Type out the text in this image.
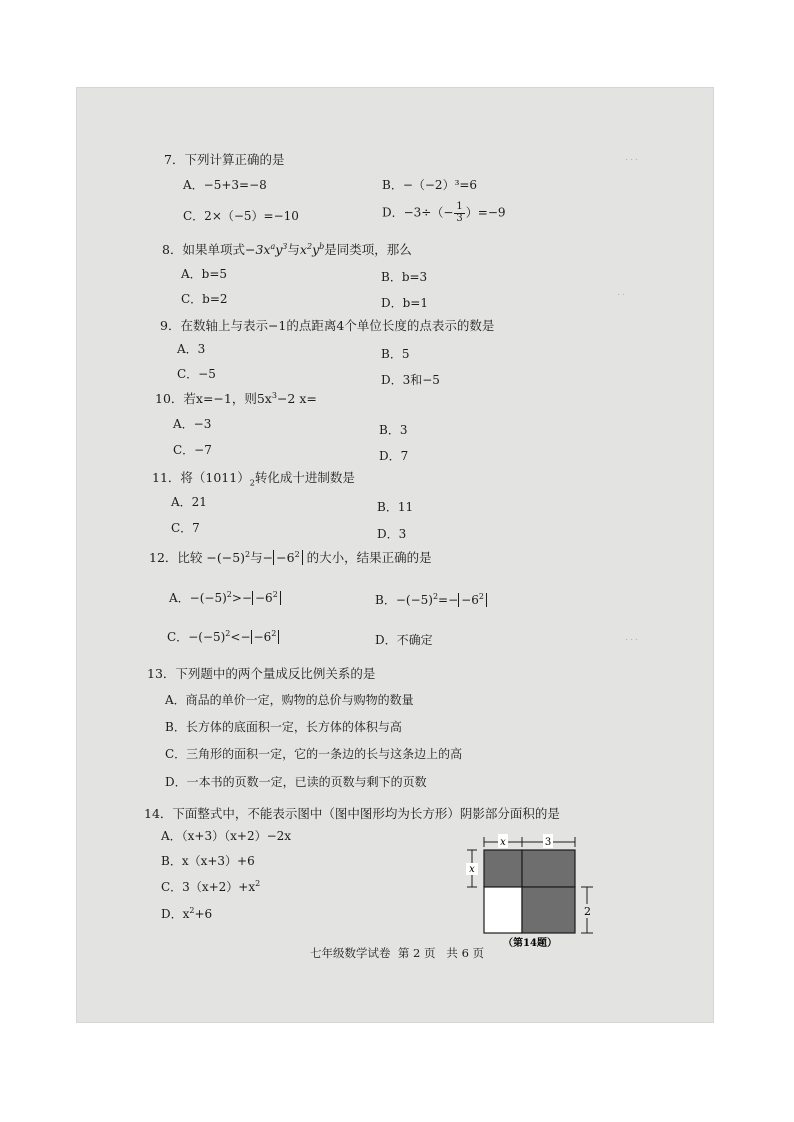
．．．
．．
．．．
7．下列计算正确的是
A．−5+3=−8	B．−（−2）³=6
C．2×（−5）=−10	D．$-3\div(- \frac{1}{3} )=-9$
8．如果单项式$-3x^ay^3$与$x^2y^b$是同类项，那么
A．b=5	B．b=3
C．b=2	D．b=1
9．在数轴上与表示−1的点距离4个单位长度的点表示的数是
A．3	B．5
C．−5	D．3和−5
10．若x=−1，则$5x^3-2$ x=
A．−3	B．3
C．−7	D．7
11．将$(1011)_2$转化成十进制数是
A．21	B．11
C．7	D．3
12．比较 $-(-5)^2$与− $-6^2$ 的大小，结果正确的是
A．$-(-5)^2>- -6^2$	B．$-(-5)^2=- -6^2$
C．$-(-5)^2<- -6^2$	D．不确定
13．下列题中的两个量成反比例关系的是
A．商品的单价一定，购物的总价与购物的数量
B．长方体的底面积一定，长方体的体积与高
C．三角形的面积一定，它的一条边的长与这条边上的高
D．一本书的页数一定，已读的页数与剩下的页数
14．下面整式中，不能表示图中（图中图形均为长方形）阴影部分面积的是
A．（x+3）（x+2）−2x
B．x（x+3）+6
C．$3(x+2)+x^2$
D．$x^2+6$
七年级数学试卷 第 2 页 共 6 页
x	3
x
2
（第14题）
